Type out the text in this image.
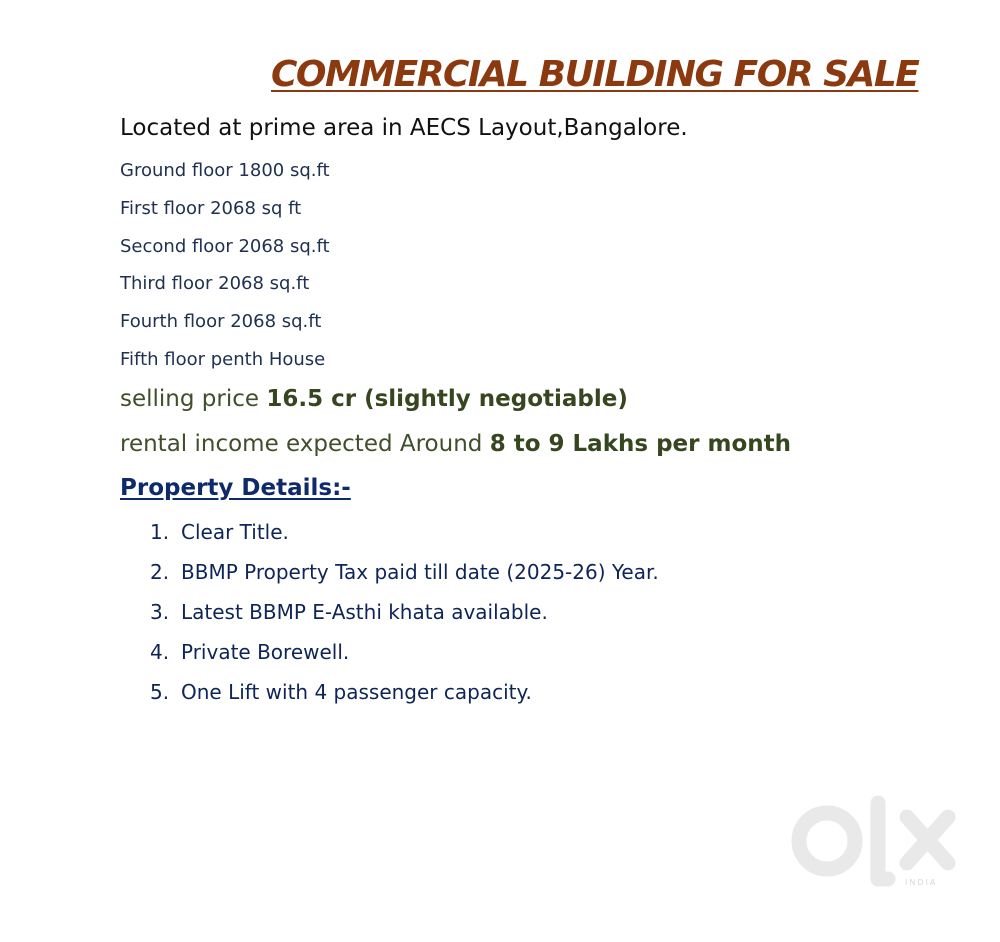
COMMERCIAL BUILDING FOR SALE

Located at prime area in AECS Layout,Bangalore.

Ground floor 1800 sq.ft
First floor 2068 sq ft
Second floor 2068 sq.ft
Third floor 2068 sq.ft
Fourth floor 2068 sq.ft
Fifth floor penth House

selling price 16.5 cr (slightly negotiable)

rental income expected Around 8 to 9 Lakhs per month

Property Details:-
1. Clear Title.
2. BBMP Property Tax paid till date (2025-26) Year.
3. Latest BBMP E-Asthi khata available.
4. Private Borewell.
5. One Lift with 4 passenger capacity.
INDIA
